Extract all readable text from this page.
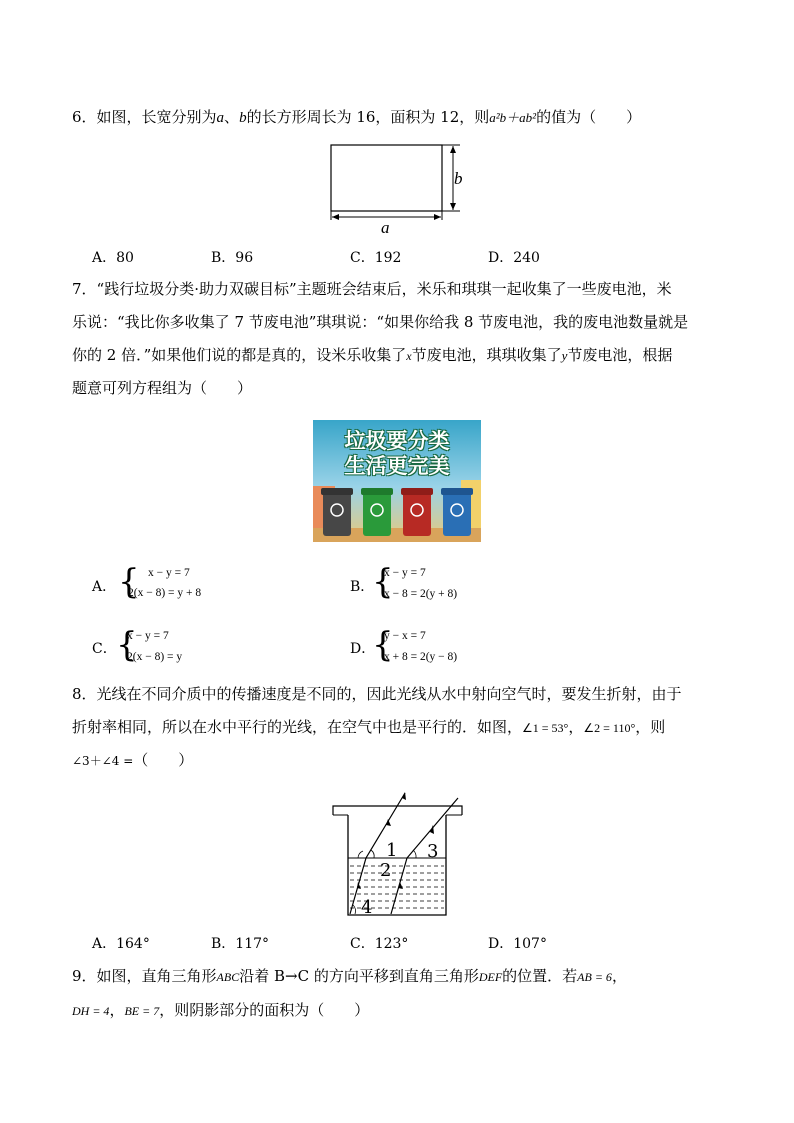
6．如图，长宽分别为a、b的长方形周长为 16，面积为 12，则a²b＋ab²的值为（　　）
a
b
A．80	B．96	C．192	D．240
7．“践行垃圾分类·助力双碳目标”主题班会结束后，米乐和琪琪一起收集了一些废电池，米
乐说：“我比你多收集了 7 节废电池”琪琪说：“如果你给我 8 节废电池，我的废电池数量就是
你的 2 倍．”如果他们说的都是真的，设米乐收集了x节废电池，琪琪收集了y节废电池，根据
题意可列方程组为（　　）
垃圾要分类
生活更完美
A． { x − y = 7
2(x − 8) = y + 8	B．
{
x − y = 7
x − 8 = 2(y + 8)
C． {
x − y = 7
2(x − 8) = y	D．
{
y − x = 7
x + 8 = 2(y − 8)
8．光线在不同介质中的传播速度是不同的，因此光线从水中射向空气时，要发生折射，由于
折射率相同，所以在水中平行的光线，在空气中也是平行的．如图，∠1 = 53°，∠2 = 110°，则
∠3＋∠4 =（　　）
1
2
3
4
A．164°	B．117°	C．123°	D．107°
9．如图，直角三角形ABC沿着 B→C 的方向平移到直角三角形DEF的位置．若AB = 6，
DH = 4，BE = 7，则阴影部分的面积为（　　）
